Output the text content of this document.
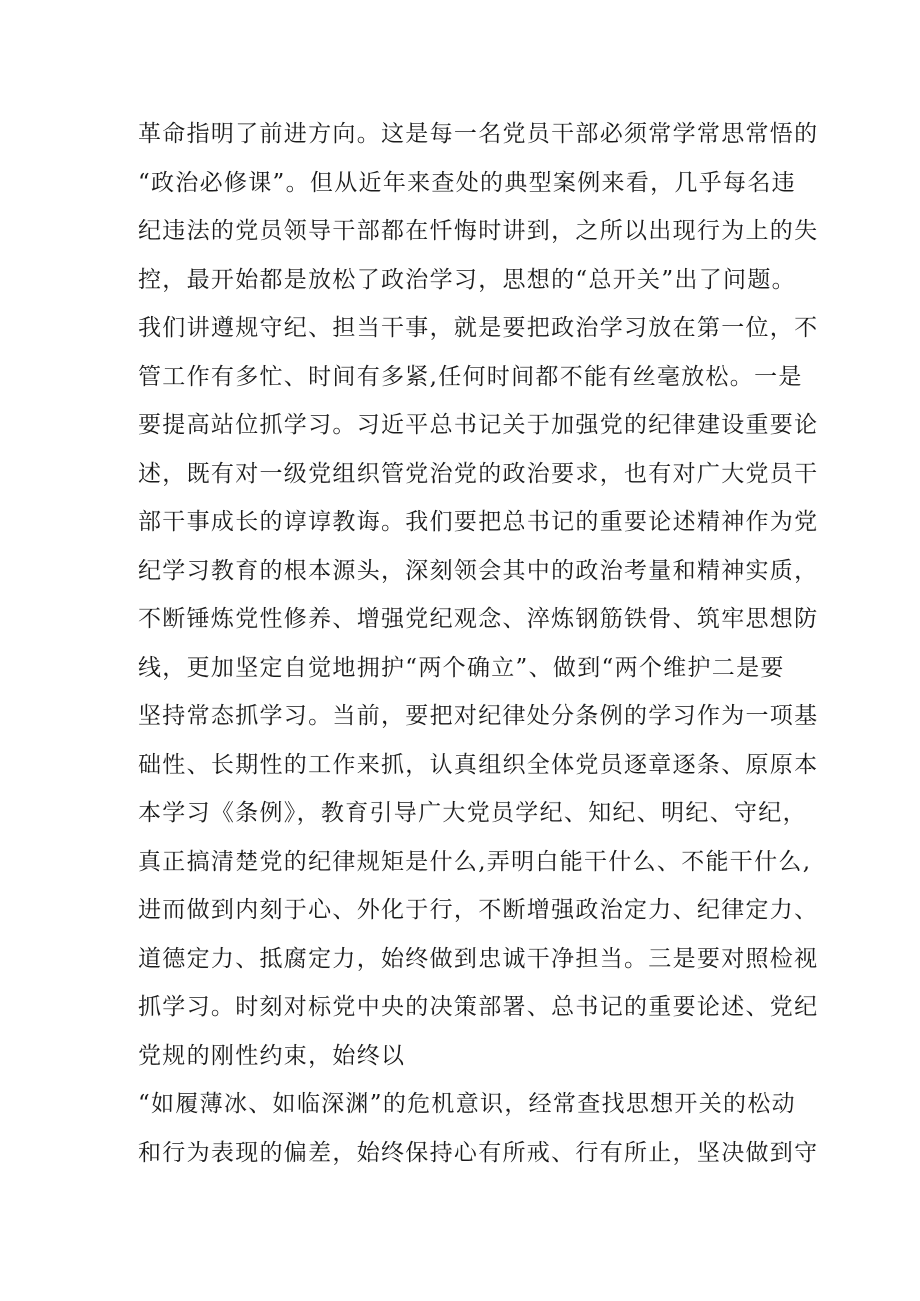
革命指明了前进方向。这是每一名党员干部必须常学常思常悟的
“政治必修课”。但从近年来查处的典型案例来看，几乎每名违
纪违法的党员领导干部都在忏悔时讲到，之所以出现行为上的失
控，最开始都是放松了政治学习，思想的“总开关”出了问题。
我们讲遵规守纪、担当干事，就是要把政治学习放在第一位，不
管工作有多忙、时间有多紧,任何时间都不能有丝毫放松。一是
要提高站位抓学习。习近平总书记关于加强党的纪律建设重要论
述，既有对一级党组织管党治党的政治要求，也有对广大党员干
部干事成长的谆谆教诲。我们要把总书记的重要论述精神作为党
纪学习教育的根本源头，深刻领会其中的政治考量和精神实质，
不断锤炼党性修养、增强党纪观念、淬炼钢筋铁骨、筑牢思想防
线，更加坚定自觉地拥护“两个确立”、做到“两个维护二是要
坚持常态抓学习。当前，要把对纪律处分条例的学习作为一项基
础性、长期性的工作来抓，认真组织全体党员逐章逐条、原原本
本学习《条例》，教育引导广大党员学纪、知纪、明纪、守纪，
真正搞清楚党的纪律规矩是什么,弄明白能干什么、不能干什么,
进而做到内刻于心、外化于行，不断增强政治定力、纪律定力、
道德定力、抵腐定力，始终做到忠诚干净担当。三是要对照检视
抓学习。时刻对标党中央的决策部署、总书记的重要论述、党纪
党规的刚性约束，始终以
“如履薄冰、如临深渊”的危机意识，经常查找思想开关的松动
和行为表现的偏差，始终保持心有所戒、行有所止，坚决做到守
